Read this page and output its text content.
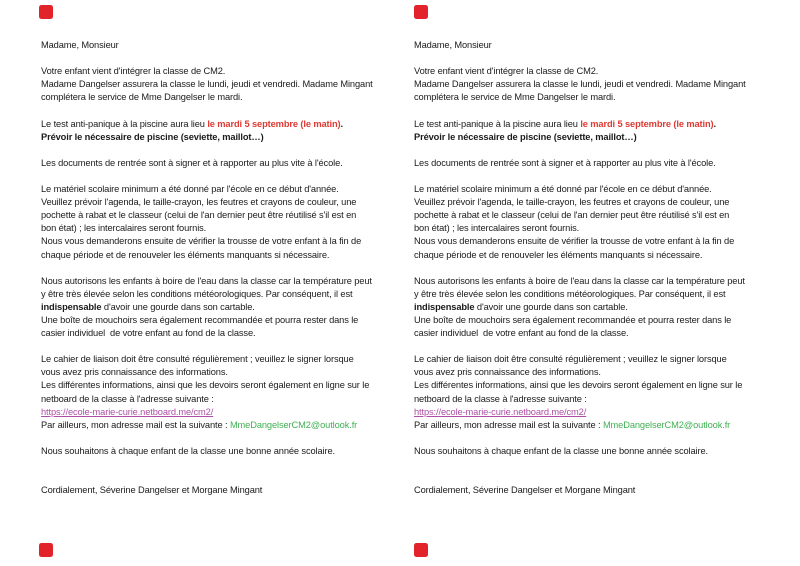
Madame, Monsieur

Votre enfant vient d'intégrer la classe de CM2.
Madame Dangelser assurera la classe le lundi, jeudi et vendredi. Madame Mingant
complétera le service de Mme Dangelser le mardi.

Le test anti-panique à la piscine aura lieu le mardi 5 septembre (le matin).
Prévoir le nécessaire de piscine (seviette, maillot…)

Les documents de rentrée sont à signer et à rapporter au plus vite à l'école.

Le matériel scolaire minimum a été donné par l'école en ce début d'année.
Veuillez prévoir l'agenda, le taille-crayon, les feutres et crayons de couleur, une
pochette à rabat et le classeur (celui de l'an dernier peut être réutilisé s'il est en
bon état) ; les intercalaires seront fournis.
Nous vous demanderons ensuite de vérifier la trousse de votre enfant à la fin de
chaque période et de renouveler les éléments manquants si nécessaire.

Nous autorisons les enfants à boire de l'eau dans la classe car la température peut
y être très élevée selon les conditions météorologiques. Par conséquent, il est
indispensable d'avoir une gourde dans son cartable.
Une boîte de mouchoirs sera également recommandée et pourra rester dans le
casier individuel  de votre enfant au fond de la classe.

Le cahier de liaison doit être consulté régulièrement ; veuillez le signer lorsque
vous avez pris connaissance des informations.
Les différentes informations, ainsi que les devoirs seront également en ligne sur le
netboard de la classe à l'adresse suivante :
https://ecole-marie-curie.netboard.me/cm2/
Par ailleurs, mon adresse mail est la suivante : MmeDangelserCM2@outlook.fr

Nous souhaitons à chaque enfant de la classe une bonne année scolaire.

Cordialement, Séverine Dangelser et Morgane Mingant
Madame, Monsieur

Votre enfant vient d'intégrer la classe de CM2.
Madame Dangelser assurera la classe le lundi, jeudi et vendredi. Madame Mingant
complétera le service de Mme Dangelser le mardi.

Le test anti-panique à la piscine aura lieu le mardi 5 septembre (le matin).
Prévoir le nécessaire de piscine (seviette, maillot…)

Les documents de rentrée sont à signer et à rapporter au plus vite à l'école.

Le matériel scolaire minimum a été donné par l'école en ce début d'année.
Veuillez prévoir l'agenda, le taille-crayon, les feutres et crayons de couleur, une
pochette à rabat et le classeur (celui de l'an dernier peut être réutilisé s'il est en
bon état) ; les intercalaires seront fournis.
Nous vous demanderons ensuite de vérifier la trousse de votre enfant à la fin de
chaque période et de renouveler les éléments manquants si nécessaire.

Nous autorisons les enfants à boire de l'eau dans la classe car la température peut
y être très élevée selon les conditions météorologiques. Par conséquent, il est
indispensable d'avoir une gourde dans son cartable.
Une boîte de mouchoirs sera également recommandée et pourra rester dans le
casier individuel  de votre enfant au fond de la classe.

Le cahier de liaison doit être consulté régulièrement ; veuillez le signer lorsque
vous avez pris connaissance des informations.
Les différentes informations, ainsi que les devoirs seront également en ligne sur le
netboard de la classe à l'adresse suivante :
https://ecole-marie-curie.netboard.me/cm2/
Par ailleurs, mon adresse mail est la suivante : MmeDangelserCM2@outlook.fr

Nous souhaitons à chaque enfant de la classe une bonne année scolaire.

Cordialement, Séverine Dangelser et Morgane Mingant
